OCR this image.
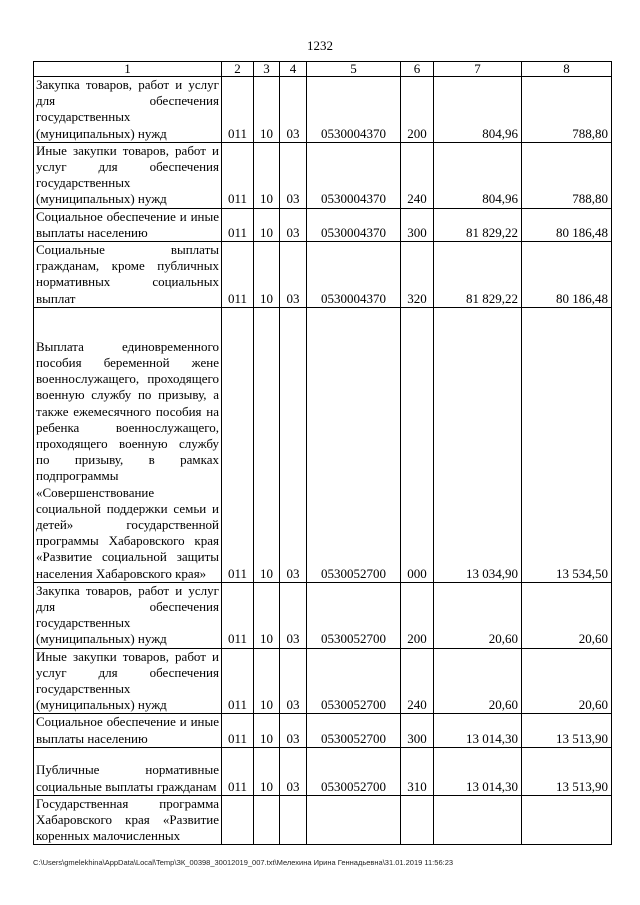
1232
1	2	3	4	5	6	7	8
Закупка товаров, работ и услуг для обеспечения государственных (муниципальных) нужд	011	10	03	0530004370	200	804,96	788,80
Иные закупки товаров, работ и услуг для обеспечения государственных (муниципальных) нужд	011	10	03	0530004370	240	804,96	788,80
Социальное обеспечение и иные выплаты населению	011	10	03	0530004370	300	81 829,22	80 186,48
Социальные выплаты гражданам, кроме публичных нормативных социальных выплат	011	10	03	0530004370	320	81 829,22	80 186,48
Выплата единовременного пособия беременной жене военнослужащего, проходящего военную службу по призыву, а также ежемесячного пособия на ребенка военнослужащего, проходящего военную службу по призыву, в рамках подпрограммы «Совершенствование социальной поддержки семьи и детей» государственной программы Хабаровского края «Развитие социальной защиты населения Хабаровского края»	011	10	03	0530052700	000	13 034,90	13 534,50
Закупка товаров, работ и услуг для обеспечения государственных (муниципальных) нужд	011	10	03	0530052700	200	20,60	20,60
Иные закупки товаров, работ и услуг для обеспечения государственных (муниципальных) нужд	011	10	03	0530052700	240	20,60	20,60
Социальное обеспечение и иные выплаты населению	011	10	03	0530052700	300	13 014,30	13 513,90
Публичные нормативные социальные выплаты гражданам	011	10	03	0530052700	310	13 014,30	13 513,90
Государственная программа Хабаровского края «Развитие коренных малочисленных							
C:\Users\gmelekhina\AppData\Local\Temp\ЗК_00398_30012019_007.txt\Мелехина Ирина Геннадьевна\31.01.2019 11:56:23
